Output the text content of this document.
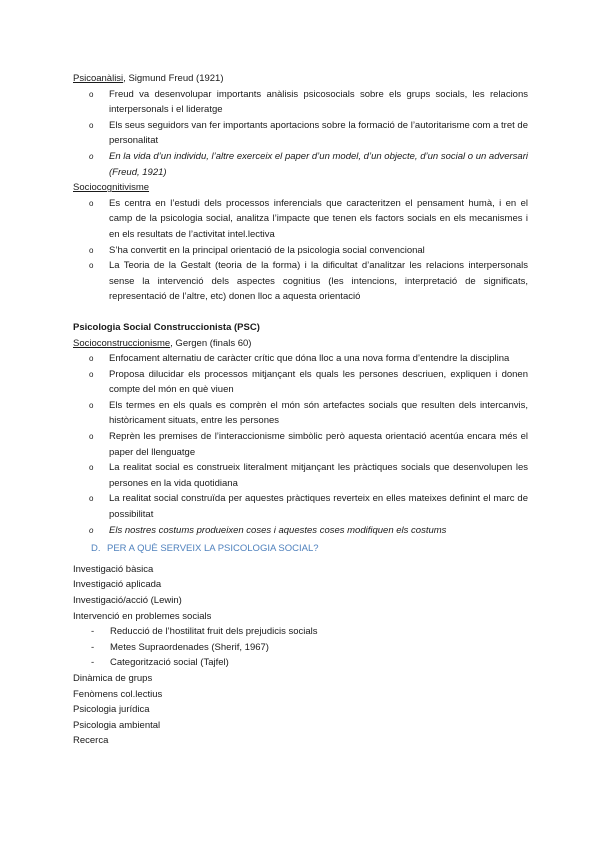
Psicoanàlisi, Sigmund Freud (1921)
o Freud va desenvolupar importants anàlisis psicosocials sobre els grups socials, les relacions interpersonals i el lideratge
o Els seus seguidors van fer importants aportacions sobre la formació de l’autoritarisme com a tret de personalitat
o En la vida d’un individu, l’altre exerceix el paper d’un model, d’un objecte, d’un social o un adversari (Freud, 1921)
Sociocognitivisme
o Es centra en l’estudi dels processos inferencials que caracteritzen el pensament humà, i en el camp de la psicologia social, analitza l’impacte que tenen els factors socials en els mecanismes i en els resultats de l’activitat intel.lectiva
o S’ha convertit en la principal orientació de la psicologia social convencional
o La Teoria de la Gestalt (teoria de la forma) i la dificultat d’analitzar les relacions interpersonals sense la intervenció dels aspectes cognitius (les intencions, interpretació de significats, representació de l’altre, etc) donen lloc a aquesta orientació
Psicologia Social Construccionista (PSC)
Socioconstruccionisme, Gergen (finals 60)
o Enfocament alternatiu de caràcter crític que dóna lloc a una nova forma d’entendre la disciplina
o Proposa dilucidar els processos mitjançant els quals les persones descriuen, expliquen i donen compte del món en què viuen
o Els termes en els quals es comprèn el món són artefactes socials que resulten dels intercanvis, històricament situats, entre les persones
o Reprèn les premises de l’interaccionisme simbòlic però aquesta orientació acentúa encara més el paper del llenguatge
o La realitat social es construeix literalment mitjançant les pràctiques socials que desenvolupen les persones en la vida quotidiana
o La realitat social construïda per aquestes pràctiques reverteix en elles mateixes definint el marc de possibilitat
o Els nostres costums produeixen coses i aquestes coses modifiquen els costums
D. PER A QUÈ SERVEIX LA PSICOLOGIA SOCIAL?
Investigació bàsica
Investigació aplicada
Investigació/acció (Lewin)
Intervenció en problemes socials
- Reducció de l’hostilitat fruit dels prejudicis socials
- Metes Supraordenades (Sherif, 1967)
- Categorització social (Tajfel)
Dinàmica de grups
Fenòmens col.lectius
Psicologia jurídica
Psicologia ambiental
Recerca
